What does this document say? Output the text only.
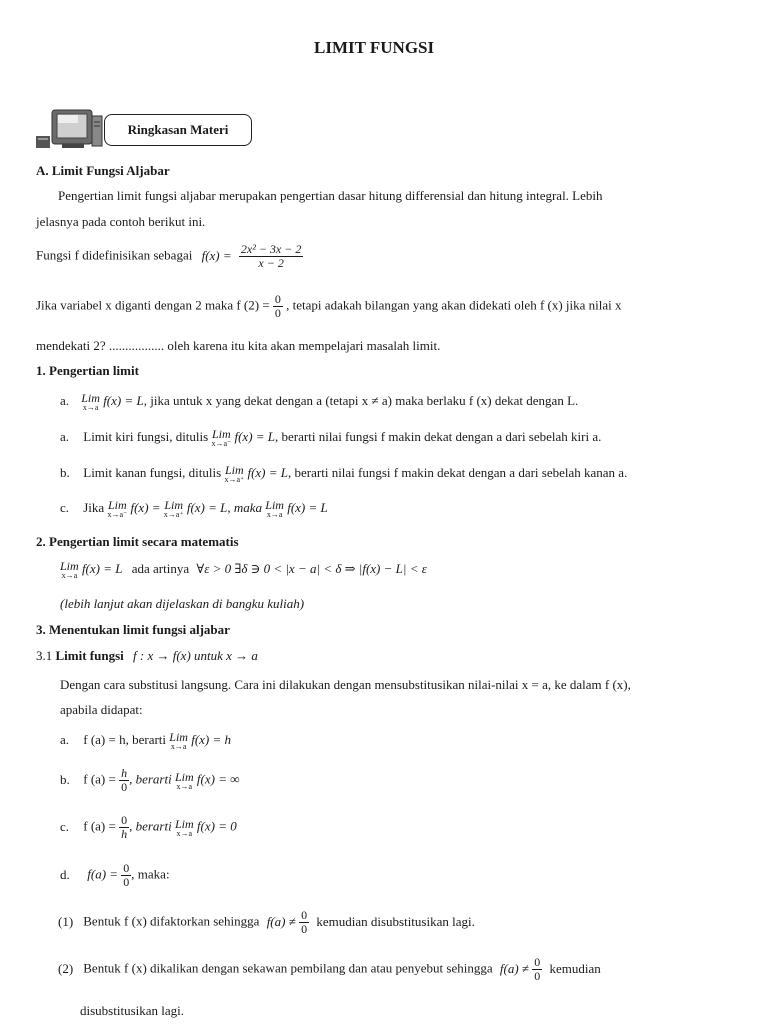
LIMIT FUNGSI
Ringkasan Materi
A. Limit Fungsi Aljabar
Pengertian limit fungsi aljabar merupakan pengertian dasar hitung differensial dan hitung integral. Lebih
jelasnya pada contoh berikut ini.
Fungsi f didefinisikan sebagai $f(x) = \frac{\text{2x² − 3x − 2}}{x - 2}$
Jika variabel x diganti dengan 2 maka f $(2) = \frac{0}{0}$ , tetapi adakah bilangan yang akan didekati oleh f (x) jika nilai x
mendekati 2? ................. oleh karena itu kita akan mempelajari masalah limit.
1. Pengertian limit
a. Lim
x→a f(x) = L, jika untuk x yang dekat dengan a (tetapi x ≠ a) maka berlaku f (x) dekat dengan L.
a. Limit kiri fungsi, ditulis Lim
x→a⁻ f(x) = L, berarti nilai fungsi f makin dekat dengan a dari sebelah kiri a.
b. Limit kanan fungsi, ditulis Lim
x→a⁺ f(x) = L, berarti nilai fungsi f makin dekat dengan a dari sebelah kanan a.
c. Jika Lim
x→a⁻ f(x) = Lim
x→a⁺ f(x) = L, maka Lim
x→a f(x) = L
2. Pengertian limit secara matematis
Lim
x→a f(x) = L ada artinya ∀ε > 0 ∃δ ∋ 0 < |x − a| < δ ⇒ |f(x) − L| < ε
(lebih lanjut akan dijelaskan di bangku kuliah)
3. Menentukan limit fungsi aljabar
3.1 Limit fungsi f : x → f(x) untuk x → a
Dengan cara substitusi langsung. Cara ini dilakukan dengan mensubstitusikan nilai-nilai x = a, ke dalam f (x),
apabila didapat:
a. f (a) = h, berarti Lim
x→a f(x) = h
b. f $(a) = \frac{h}{0}$ , berarti Lim
x→a f(x) = ∞
c. f $(a) = \frac{0}{h}$ , berarti Lim
x→a f(x) = 0
d. $f(a) = \frac{0}{0}$ , maka:
(1) Bentuk f (x) difaktorkan sehingga $f(a) \ne \frac{0}{0}$ kemudian disubstitusikan lagi.
(2) Bentuk f (x) dikalikan dengan sekawan pembilang dan atau penyebut sehingga $f(a) \ne \frac{0}{0}$ kemudian
disubstitusikan lagi.
